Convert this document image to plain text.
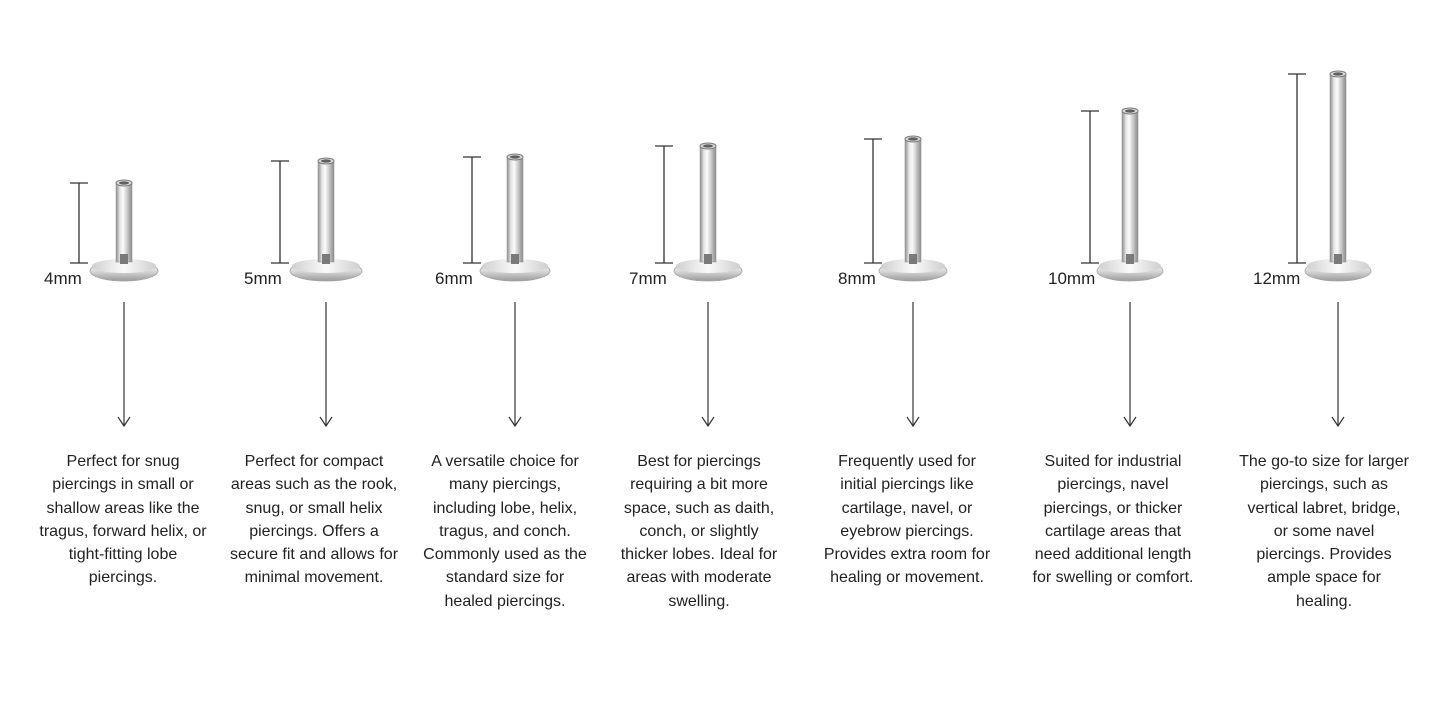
4mm	5mm	6mm	7mm	8mm	10mm	12mm
Perfect for snug piercings in small or shallow areas like the tragus, forward helix, or tight-fitting lobe piercings.
Perfect for compact areas such as the rook, snug, or small helix piercings. Offers a secure fit and allows for minimal movement.
A versatile choice for many piercings, including lobe, helix, tragus, and conch. Commonly used as the standard size for healed piercings.
Best for piercings requiring a bit more space, such as daith, conch, or slightly thicker lobes. Ideal for areas with moderate swelling.
Frequently used for initial piercings like cartilage, navel, or eyebrow piercings. Provides extra room for healing or movement.
Suited for industrial piercings, navel piercings, or thicker cartilage areas that need additional length for swelling or comfort.
The go-to size for larger piercings, such as vertical labret, bridge, or some navel piercings. Provides ample space for healing.
